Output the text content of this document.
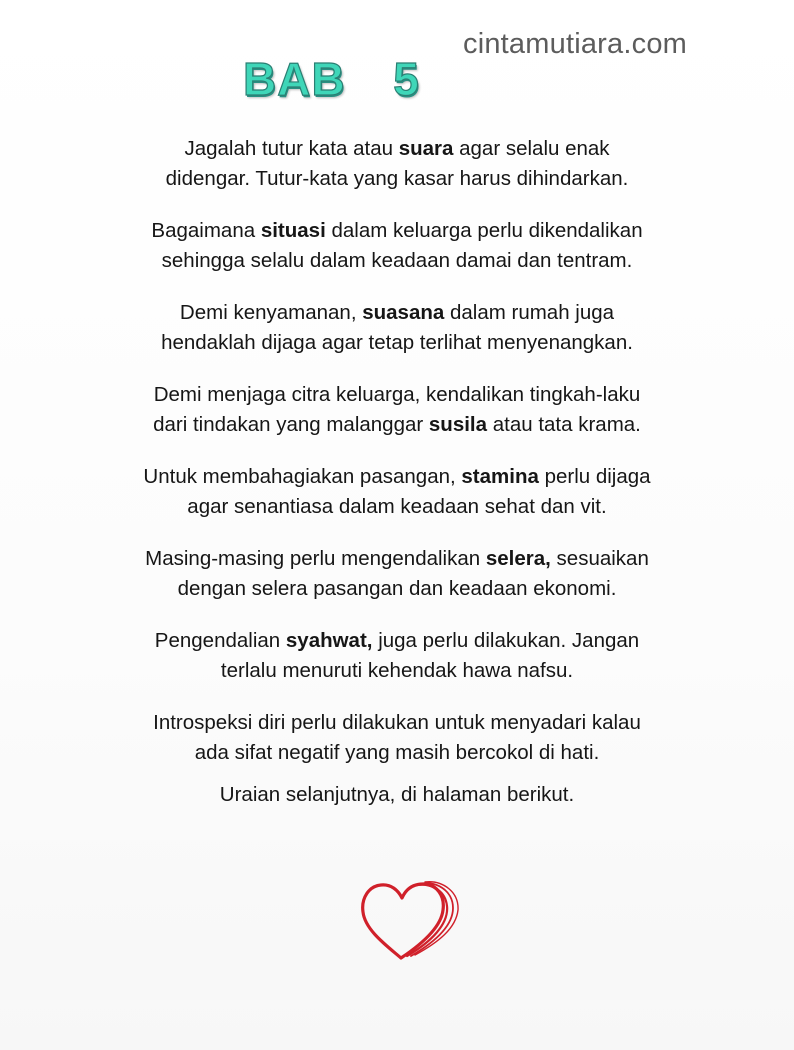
BAB  5
cintamutiara.com

Jagalah tutur kata atau suara agar selalu enak
didengar. Tutur-kata yang kasar harus dihindarkan.

Bagaimana situasi dalam keluarga perlu dikendalikan
sehingga selalu dalam keadaan damai dan tentram.

Demi kenyamanan, suasana dalam rumah juga
hendaklah dijaga agar tetap terlihat menyenangkan.

Demi menjaga citra keluarga, kendalikan tingkah-laku
dari tindakan yang malanggar susila atau tata krama.

Untuk membahagiakan pasangan, stamina perlu dijaga
agar senantiasa dalam keadaan sehat dan vit.

Masing-masing perlu mengendalikan selera, sesuaikan
dengan selera pasangan dan keadaan ekonomi.

Pengendalian syahwat, juga perlu dilakukan. Jangan
terlalu menuruti kehendak hawa nafsu.

Introspeksi diri perlu dilakukan untuk menyadari kalau
ada sifat negatif yang masih bercokol di hati.

Uraian selanjutnya, di halaman berikut.
